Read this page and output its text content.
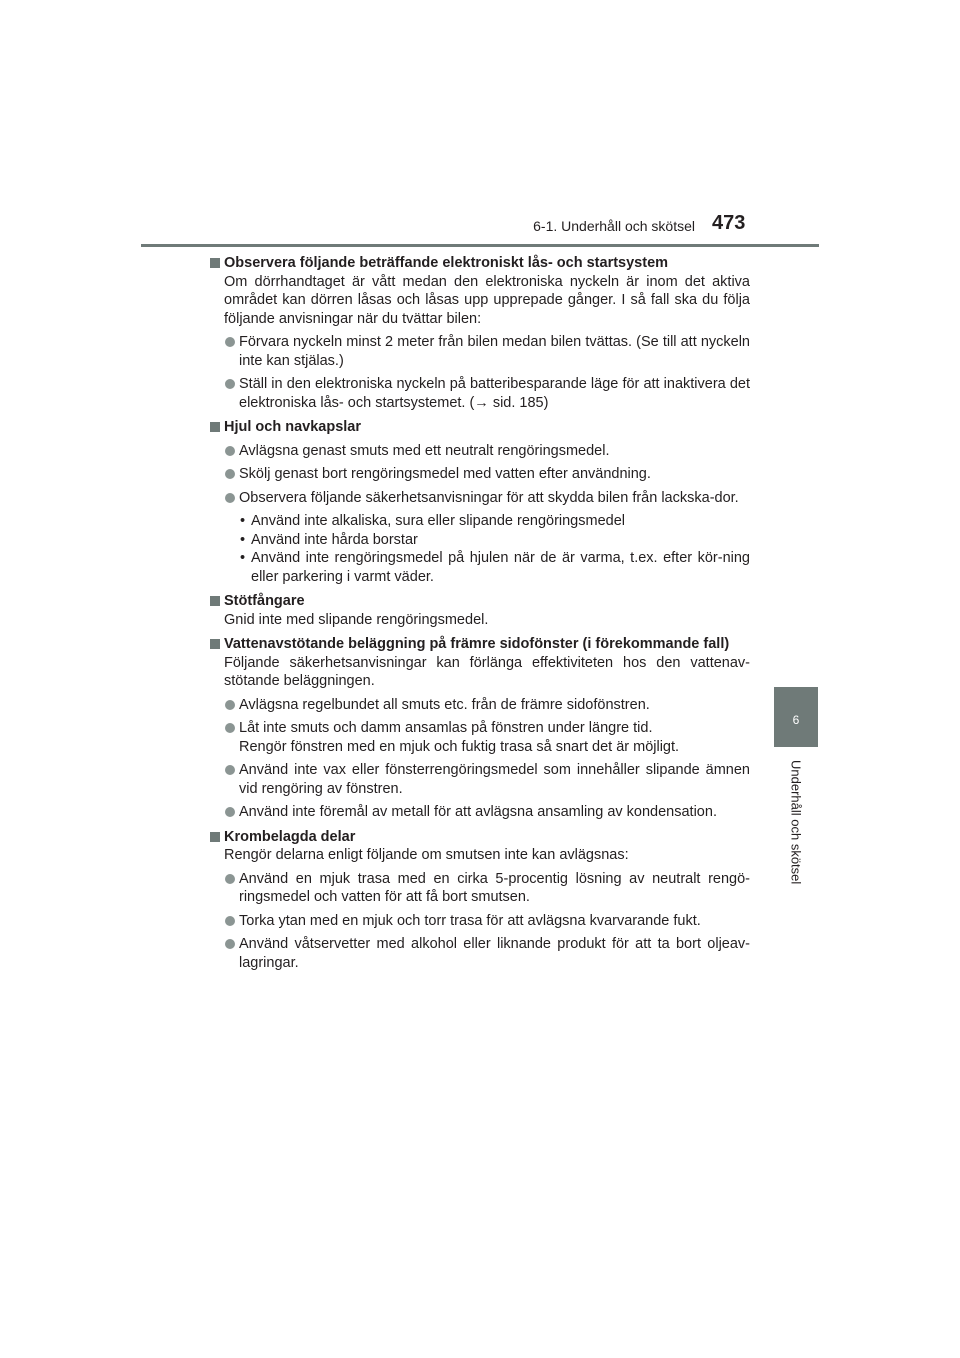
6-1. Underhåll och skötsel 473
6
Underhåll och skötsel
Observera följande beträffande elektroniskt lås- och startsystem
Om dörrhandtaget är vått medan den elektroniska nyckeln är inom det aktiva området kan dörren låsas och låsas upp upprepade gånger. I så fall ska du följa följande anvisningar när du tvättar bilen:
Förvara nyckeln minst 2 meter från bilen medan bilen tvättas. (Se till att nyckeln inte kan stjälas.)
Ställ in den elektroniska nyckeln på batteribesparande läge för att inaktivera det elektroniska lås- och startsystemet. (→ sid. 185)
Hjul och navkapslar
Avlägsna genast smuts med ett neutralt rengöringsmedel.
Skölj genast bort rengöringsmedel med vatten efter användning.
Observera följande säkerhetsanvisningar för att skydda bilen från lackska-dor.
• Använd inte alkaliska, sura eller slipande rengöringsmedel
• Använd inte hårda borstar
• Använd inte rengöringsmedel på hjulen när de är varma, t.ex. efter kör-ning eller parkering i varmt väder.
Stötfångare
Gnid inte med slipande rengöringsmedel.
Vattenavstötande beläggning på främre sidofönster (i förekommande fall)
Följande säkerhetsanvisningar kan förlänga effektiviteten hos den vattenav-stötande beläggningen.
Avlägsna regelbundet all smuts etc. från de främre sidofönstren.
Låt inte smuts och damm ansamlas på fönstren under längre tid.
Rengör fönstren med en mjuk och fuktig trasa så snart det är möjligt.
Använd inte vax eller fönsterrengöringsmedel som innehåller slipande ämnen vid rengöring av fönstren.
Använd inte föremål av metall för att avlägsna ansamling av kondensation.
Krombelagda delar
Rengör delarna enligt följande om smutsen inte kan avlägsnas:
Använd en mjuk trasa med en cirka 5-procentig lösning av neutralt rengö-ringsmedel och vatten för att få bort smutsen.
Torka ytan med en mjuk och torr trasa för att avlägsna kvarvarande fukt.
Använd våtservetter med alkohol eller liknande produkt för att ta bort oljeav-lagringar.
